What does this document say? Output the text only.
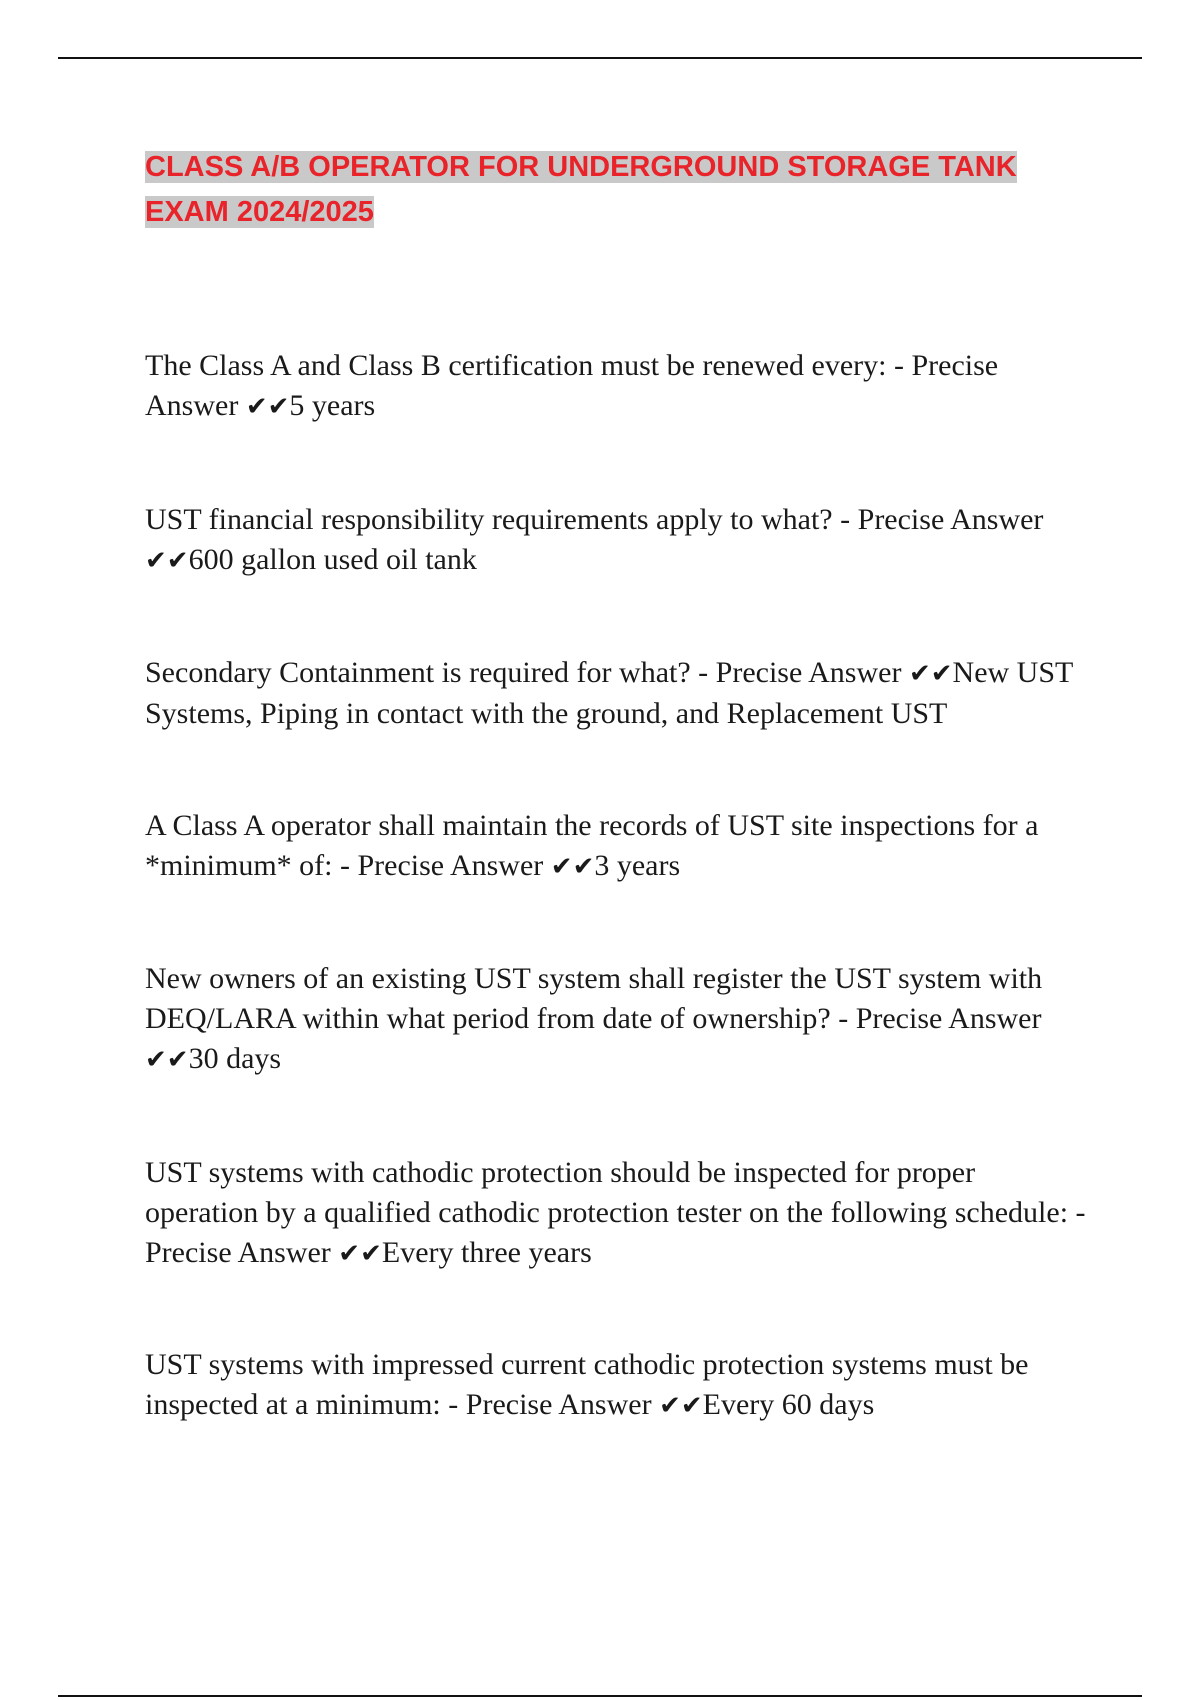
CLASS A/B OPERATOR FOR UNDERGROUND STORAGE TANK EXAM 2024/2025

The Class A and Class B certification must be renewed every: - Precise Answer ✔✔5 years

UST financial responsibility requirements apply to what? - Precise Answer ✔✔600 gallon used oil tank

Secondary Containment is required for what? - Precise Answer ✔✔New UST Systems, Piping in contact with the ground, and Replacement UST

A Class A operator shall maintain the records of UST site inspections for a *minimum* of: - Precise Answer ✔✔3 years

New owners of an existing UST system shall register the UST system with DEQ/LARA within what period from date of ownership? - Precise Answer ✔✔30 days

UST systems with cathodic protection should be inspected for proper operation by a qualified cathodic protection tester on the following schedule: - Precise Answer ✔✔Every three years

UST systems with impressed current cathodic protection systems must be inspected at a minimum: - Precise Answer ✔✔Every 60 days
